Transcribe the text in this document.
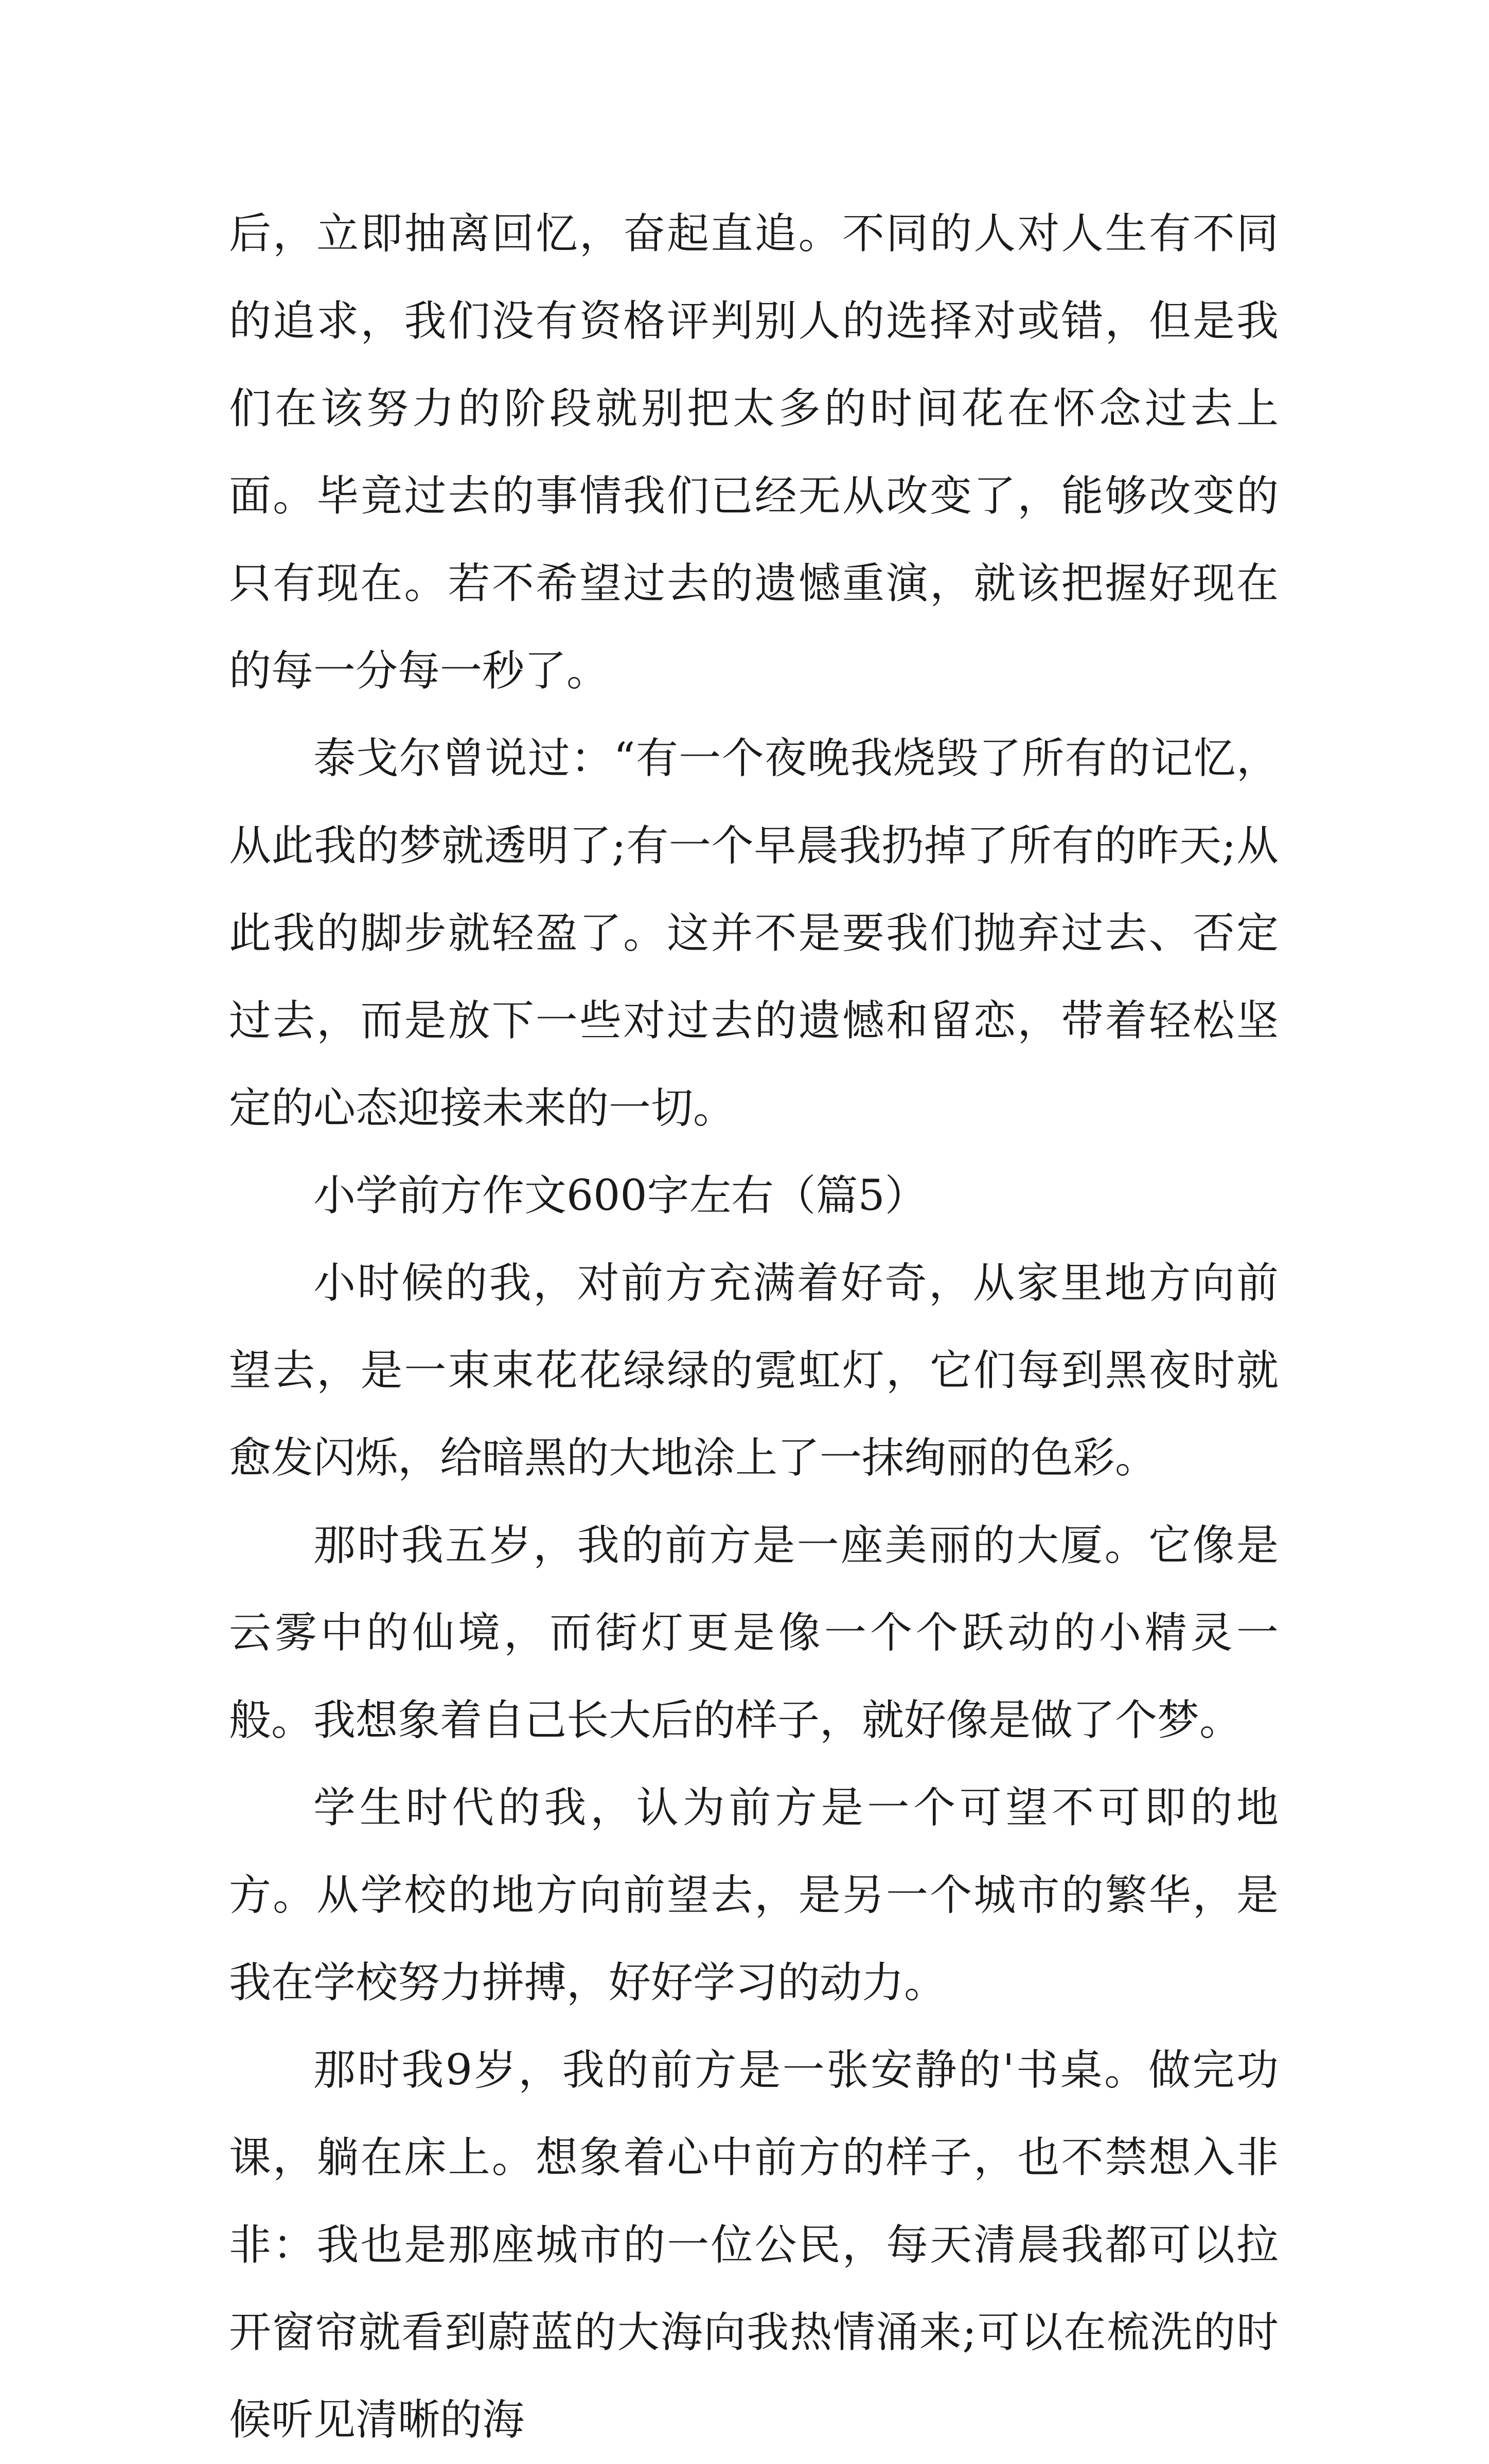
后，立即抽离回忆，奋起直追。不同的人对人生有不同的追求，我们没有资格评判别人的选择对或错，但是我们在该努力的阶段就别把太多的时间花在怀念过去上面。毕竟过去的事情我们已经无从改变了，能够改变的只有现在。若不希望过去的遗憾重演，就该把握好现在的每一分每一秒了。

泰戈尔曾说过：“有一个夜晚我烧毁了所有的记忆，从此我的梦就透明了;有一个早晨我扔掉了所有的昨天;从此我的脚步就轻盈了。这并不是要我们抛弃过去、否定过去，而是放下一些对过去的遗憾和留恋，带着轻松坚定的心态迎接未来的一切。

小学前方作文600字左右（篇5）

小时候的我，对前方充满着好奇，从家里地方向前望去，是一束束花花绿绿的霓虹灯，它们每到黑夜时就愈发闪烁，给暗黑的大地涂上了一抹绚丽的色彩。

那时我五岁，我的前方是一座美丽的大厦。它像是云雾中的仙境，而街灯更是像一个个跃动的小精灵一般。我想象着自己长大后的样子，就好像是做了个梦。

学生时代的我，认为前方是一个可望不可即的地方。从学校的地方向前望去，是另一个城市的繁华，是我在学校努力拼搏，好好学习的动力。

那时我9岁，我的前方是一张安静的'书桌。做完功课，躺在床上。想象着心中前方的样子，也不禁想入非非：我也是那座城市的一位公民，每天清晨我都可以拉开窗帘就看到蔚蓝的大海向我热情涌来;可以在梳洗的时候听见清晰的海
